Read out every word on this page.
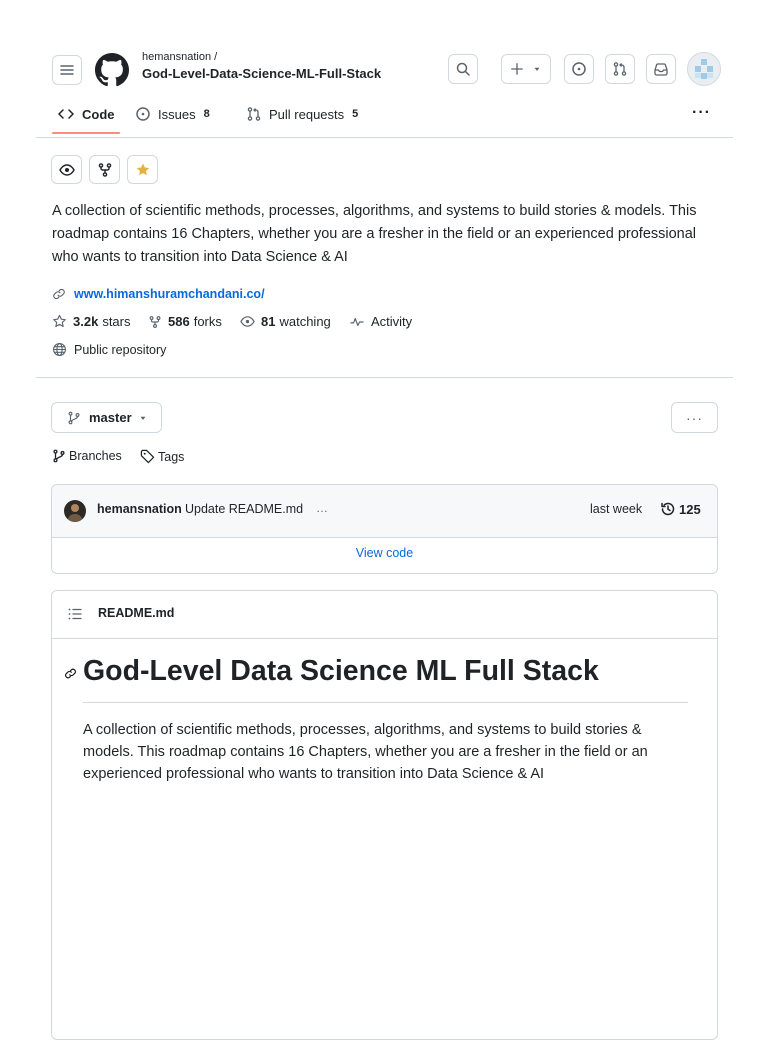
hemansnation /
God-Level-Data-Science-ML-Full-Stack
Code	Issues 8	Pull requests 5	···
A collection of scientific methods, processes, algorithms, and systems to build stories & models. This roadmap contains 16 Chapters, whether you are a fresher in the field or an experienced professional who wants to transition into Data Science & AI
www.himanshuramchandani.co/
3.2k stars	586 forks	81 watching	Activity
Public repository
master	···
Branches	Tags
hemansnation Update README.md …	last week	125
View code
README.md
God-Level Data Science ML Full Stack
A collection of scientific methods, processes, algorithms, and systems to build stories & models. This roadmap contains 16 Chapters, whether you are a fresher in the field or an experienced professional who wants to transition into Data Science & AI
